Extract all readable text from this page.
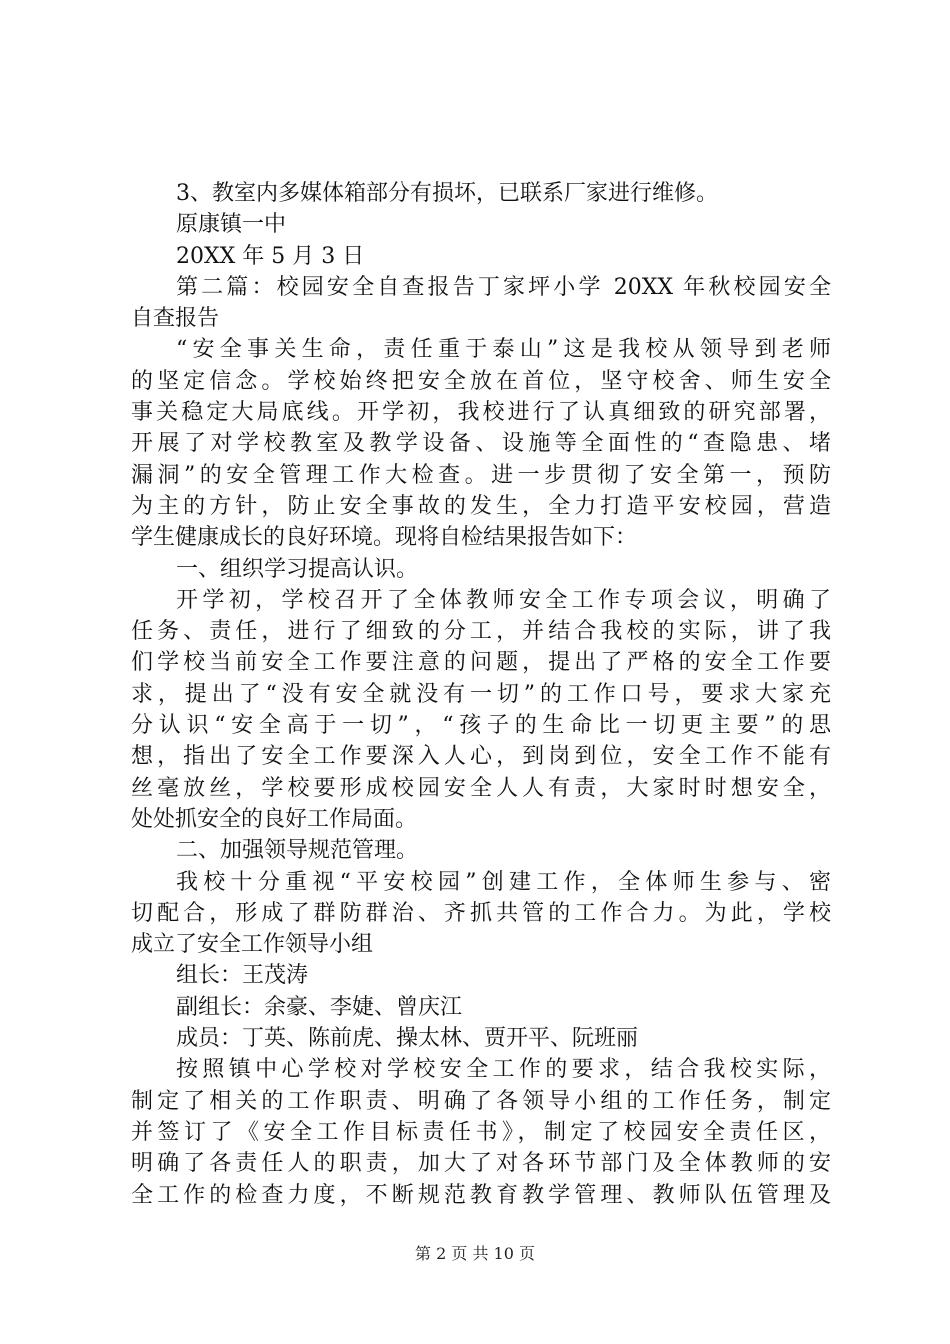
3、教室内多媒体箱部分有损坏，已联系厂家进行维修。
原康镇一中
20XX 年 5 月 3 日
第二篇：校园安全自查报告丁家坪小学 20XX 年秋校园安全
自查报告
“安全事关生命，责任重于泰山”这是我校从领导到老师
的坚定信念。学校始终把安全放在首位，坚守校舍、师生安全
事关稳定大局底线。开学初，我校进行了认真细致的研究部署，
开展了对学校教室及教学设备、设施等全面性的“查隐患、堵
漏洞”的安全管理工作大检查。进一步贯彻了安全第一，预防
为主的方针，防止安全事故的发生，全力打造平安校园，营造
学生健康成长的良好环境。现将自检结果报告如下：
一、组织学习提高认识。
开学初，学校召开了全体教师安全工作专项会议，明确了
任务、责任，进行了细致的分工，并结合我校的实际，讲了我
们学校当前安全工作要注意的问题，提出了严格的安全工作要
求，提出了“没有安全就没有一切”的工作口号，要求大家充
分认识“安全高于一切”，“孩子的生命比一切更主要”的思
想，指出了安全工作要深入人心，到岗到位，安全工作不能有
丝毫放丝，学校要形成校园安全人人有责，大家时时想安全，
处处抓安全的良好工作局面。
二、加强领导规范管理。
我校十分重视“平安校园”创建工作，全体师生参与、密
切配合，形成了群防群治、齐抓共管的工作合力。为此，学校
成立了安全工作领导小组
组长：王茂涛
副组长：余豪、李婕、曾庆江
成员：丁英、陈前虎、操太林、贾开平、阮班丽
按照镇中心学校对学校安全工作的要求，结合我校实际，
制定了相关的工作职责、明确了各领导小组的工作任务，制定
并签订了《安全工作目标责任书》，制定了校园安全责任区，
明确了各责任人的职责，加大了对各环节部门及全体教师的安
全工作的检查力度，不断规范教育教学管理、教师队伍管理及
第 2 页 共 10 页
